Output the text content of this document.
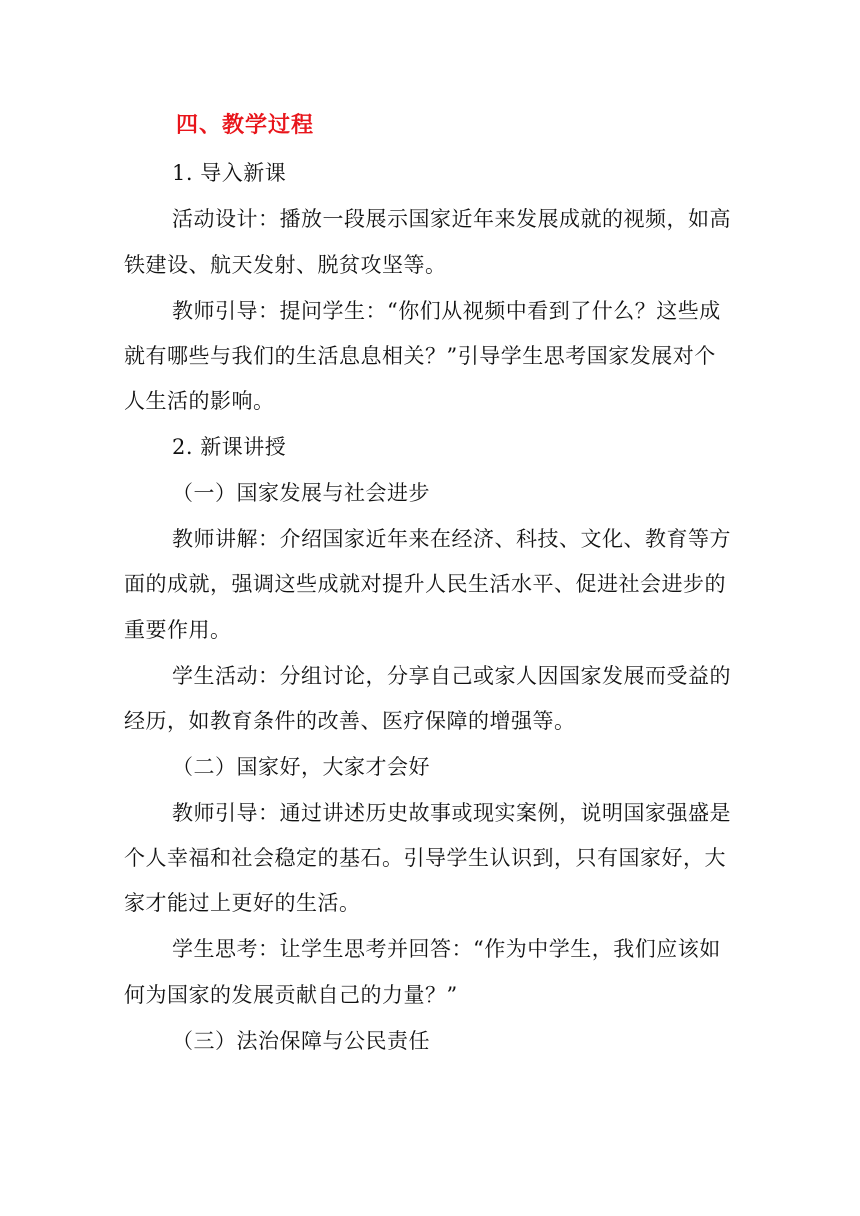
四、教学过程
1. 导入新课
活动设计：播放一段展示国家近年来发展成就的视频，如高
铁建设、航天发射、脱贫攻坚等。
教师引导：提问学生：“你们从视频中看到了什么？这些成
就有哪些与我们的生活息息相关？”引导学生思考国家发展对个
人生活的影响。
2. 新课讲授
（一）国家发展与社会进步
教师讲解：介绍国家近年来在经济、科技、文化、教育等方
面的成就，强调这些成就对提升人民生活水平、促进社会进步的
重要作用。
学生活动：分组讨论，分享自己或家人因国家发展而受益的
经历，如教育条件的改善、医疗保障的增强等。
（二）国家好，大家才会好
教师引导：通过讲述历史故事或现实案例，说明国家强盛是
个人幸福和社会稳定的基石。引导学生认识到，只有国家好，大
家才能过上更好的生活。
学生思考：让学生思考并回答：“作为中学生，我们应该如
何为国家的发展贡献自己的力量？”
（三）法治保障与公民责任
